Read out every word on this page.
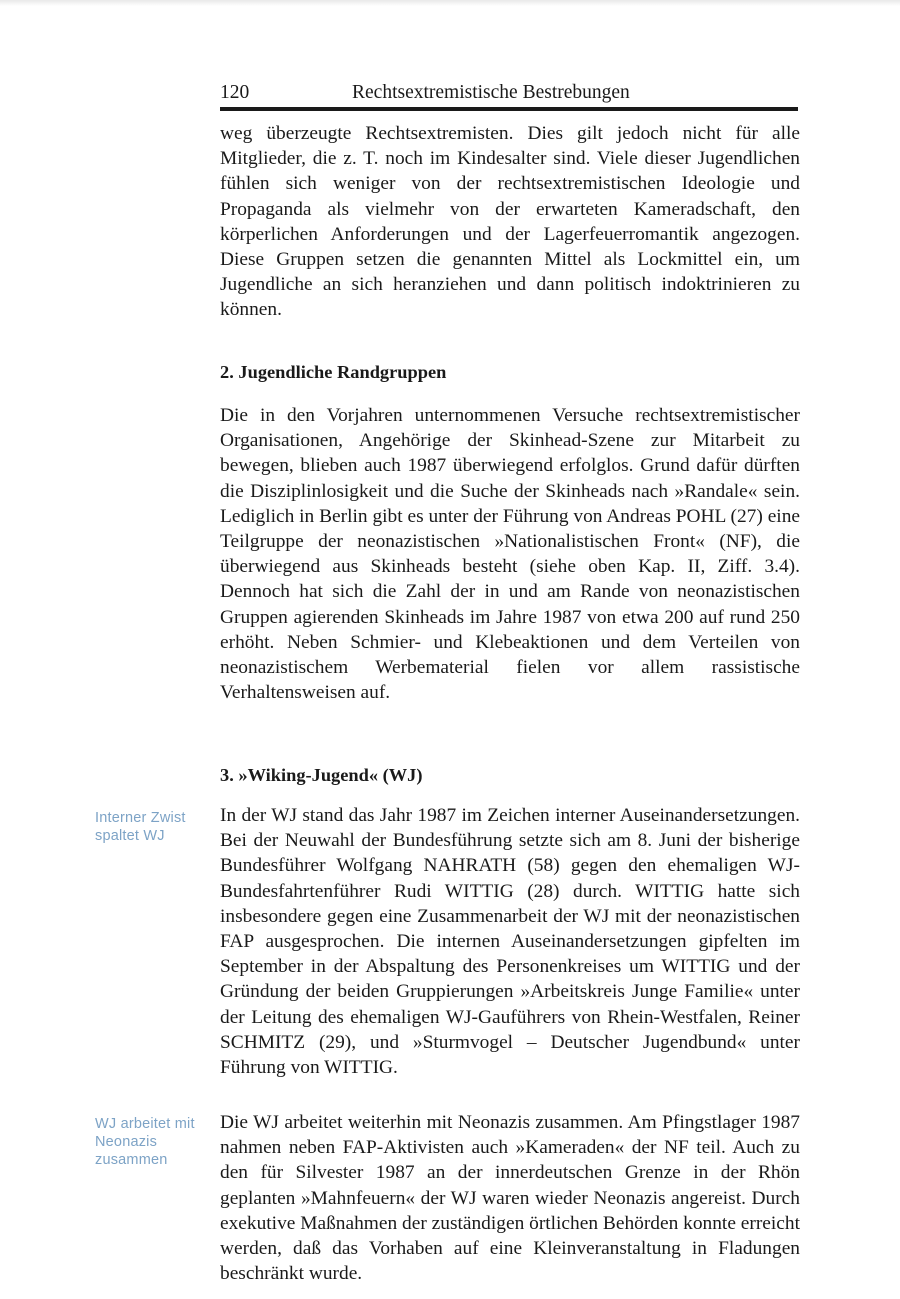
120	Rechtsextremistische Bestrebungen

weg überzeugte Rechtsextremisten. Dies gilt jedoch nicht für alle Mitglieder, die z. T. noch im Kindesalter sind. Viele dieser Jugendlichen fühlen sich weniger von der rechtsextremistischen Ideologie und Propaganda als vielmehr von der erwarteten Kameradschaft, den körperlichen Anforderungen und der Lagerfeuerromantik angezogen. Diese Gruppen setzen die genannten Mittel als Lockmittel ein, um Jugendliche an sich heranziehen und dann politisch indoktrinieren zu können.

2. Jugendliche Randgruppen

Die in den Vorjahren unternommenen Versuche rechtsextremistischer Organisationen, Angehörige der Skinhead-Szene zur Mitarbeit zu bewegen, blieben auch 1987 überwiegend erfolglos. Grund dafür dürften die Disziplinlosigkeit und die Suche der Skinheads nach »Randale« sein. Lediglich in Berlin gibt es unter der Führung von Andreas POHL (27) eine Teilgruppe der neonazistischen »Nationalistischen Front« (NF), die überwiegend aus Skinheads besteht (siehe oben Kap. II, Ziff. 3.4). Dennoch hat sich die Zahl der in und am Rande von neonazistischen Gruppen agierenden Skinheads im Jahre 1987 von etwa 200 auf rund 250 erhöht. Neben Schmier- und Klebeaktionen und dem Verteilen von neonazistischem Werbematerial fielen vor allem rassistische Verhaltensweisen auf.

3. »Wiking-Jugend« (WJ)
Interner Zwist spaltet WJ

In der WJ stand das Jahr 1987 im Zeichen interner Auseinandersetzungen. Bei der Neuwahl der Bundesführung setzte sich am 8. Juni der bisherige Bundesführer Wolfgang NAHRATH (58) gegen den ehemaligen WJ-Bundesfahrtenführer Rudi WITTIG (28) durch. WITTIG hatte sich insbesondere gegen eine Zusammenarbeit der WJ mit der neonazistischen FAP ausgesprochen. Die internen Auseinandersetzungen gipfelten im September in der Abspaltung des Personenkreises um WITTIG und der Gründung der beiden Gruppierungen »Arbeitskreis Junge Familie« unter der Leitung des ehemaligen WJ-Gauführers von Rhein-Westfalen, Reiner SCHMITZ (29), und »Sturmvogel – Deutscher Jugendbund« unter Führung von WITTIG.

WJ arbeitet mit Neonazis zusammen

Die WJ arbeitet weiterhin mit Neonazis zusammen. Am Pfingstlager 1987 nahmen neben FAP-Aktivisten auch »Kameraden« der NF teil. Auch zu den für Silvester 1987 an der innerdeutschen Grenze in der Rhön geplanten »Mahnfeuern« der WJ waren wieder Neonazis angereist. Durch exekutive Maßnahmen der zuständigen örtlichen Behörden konnte erreicht werden, daß das Vorhaben auf eine Kleinveranstaltung in Fladungen beschränkt wurde.
